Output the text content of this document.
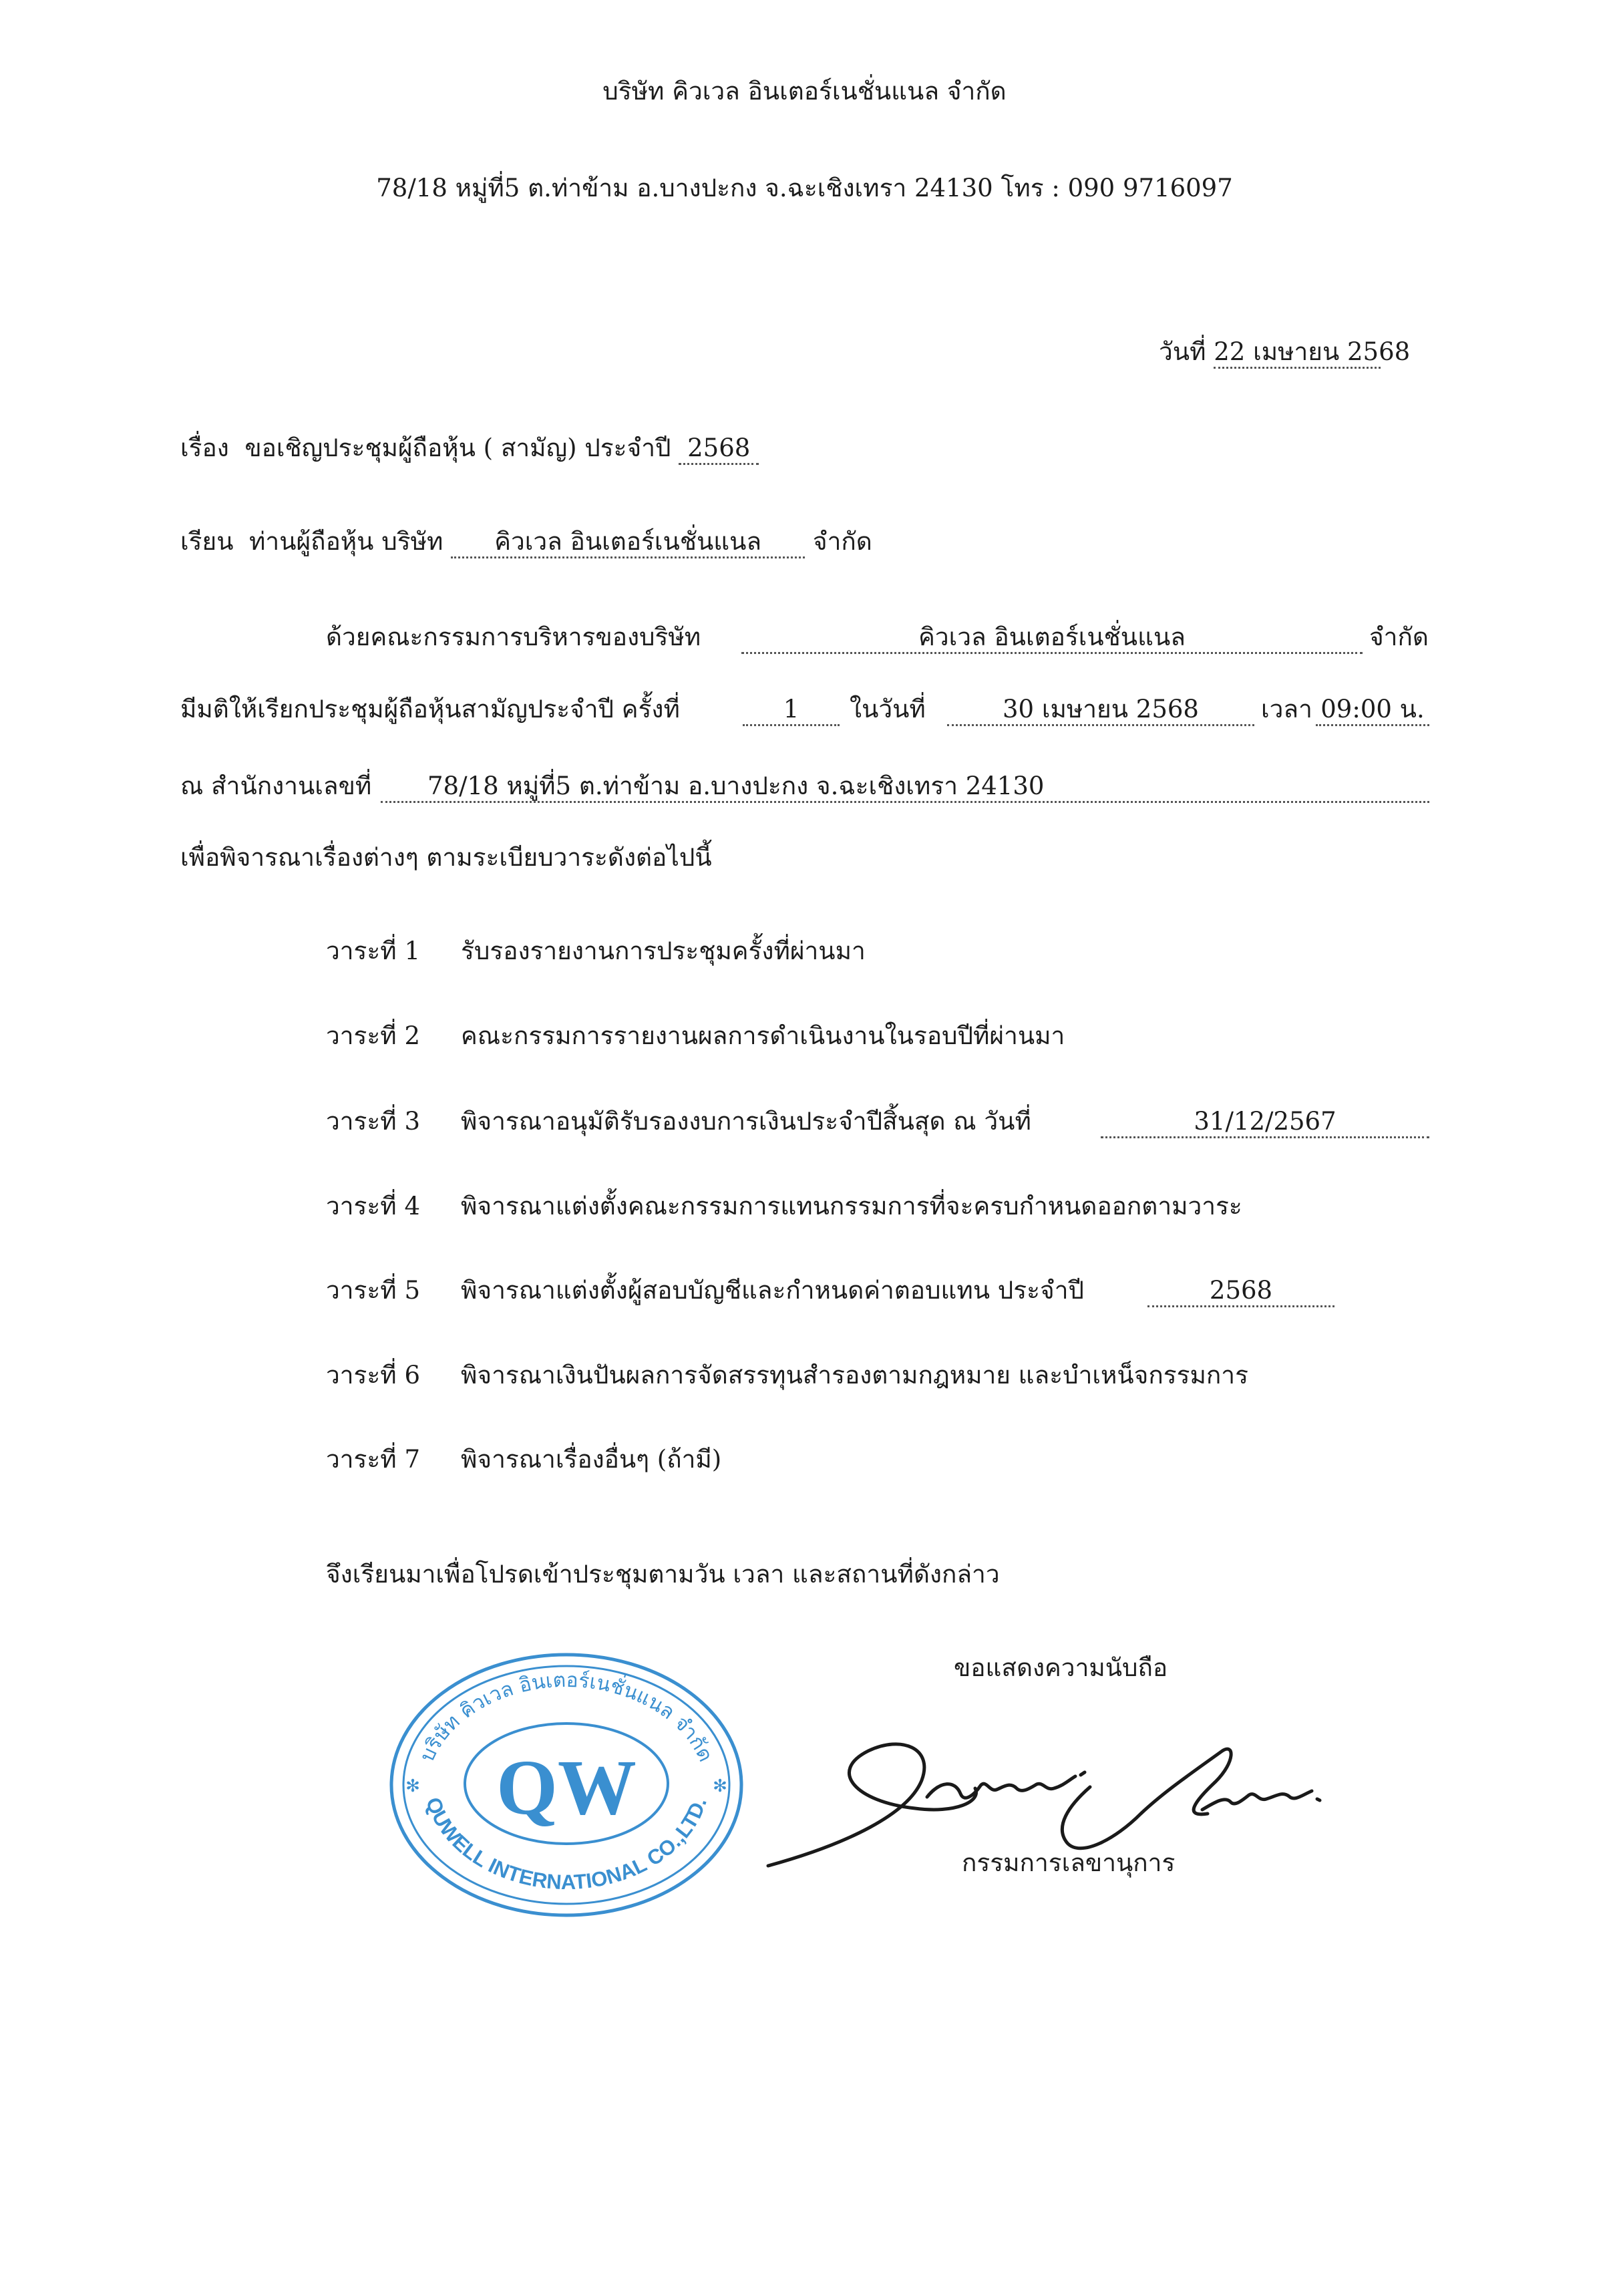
บริษัท คิวเวล อินเตอร์เนชั่นแนล จำกัด
78/18 หมู่ที่5 ต.ท่าข้าม อ.บางปะกง จ.ฉะเชิงเทรา 24130 โทร : 090 9716097
วันที่ 22 เมษายน 2568
เรื่อง ขอเชิญประชุมผู้ถือหุ้น ( สามัญ) ประจำปี 2568
เรียน ท่านผู้ถือหุ้น บริษัท คิวเวล อินเตอร์เนชั่นแนล จำกัด
ด้วยคณะกรรมการบริหารของบริษัท	คิวเวล อินเตอร์เนชั่นแนล	จำกัด
มีมติให้เรียกประชุมผู้ถือหุ้นสามัญประจำปี ครั้งที่	1	ในวันที่	30 เมษายน 2568	เวลา 09:00 น.
ณ สำนักงานเลขที่	78/18 หมู่ที่5 ต.ท่าข้าม อ.บางปะกง จ.ฉะเชิงเทรา 24130
เพื่อพิจารณาเรื่องต่างๆ ตามระเบียบวาระดังต่อไปนี้
วาระที่ 1 รับรองรายงานการประชุมครั้งที่ผ่านมา
วาระที่ 2 คณะกรรมการรายงานผลการดำเนินงานในรอบปีที่ผ่านมา
วาระที่ 3 พิจารณาอนุมัติรับรองงบการเงินประจำปีสิ้นสุด ณ วันที่	31/12/2567
วาระที่ 4 พิจารณาแต่งตั้งคณะกรรมการแทนกรรมการที่จะครบกำหนดออกตามวาระ
วาระที่ 5 พิจารณาแต่งตั้งผู้สอบบัญชีและกำหนดค่าตอบแทน ประจำปี	2568
วาระที่ 6 พิจารณาเงินปันผลการจัดสรรทุนสำรองตามกฎหมาย และบำเหน็จกรรมการ
วาระที่ 7 พิจารณาเรื่องอื่นๆ (ถ้ามี)
จึงเรียนมาเพื่อโปรดเข้าประชุมตามวัน เวลา และสถานที่ดังกล่าว
ขอแสดงความนับถือ
บริษัท คิวเวล อินเตอร์เนชั่นแนล จำกัด
QUWELL INTERNATIONAL CO.,LTD.
QW
✻	✻
กรรมการเลขานุการ
